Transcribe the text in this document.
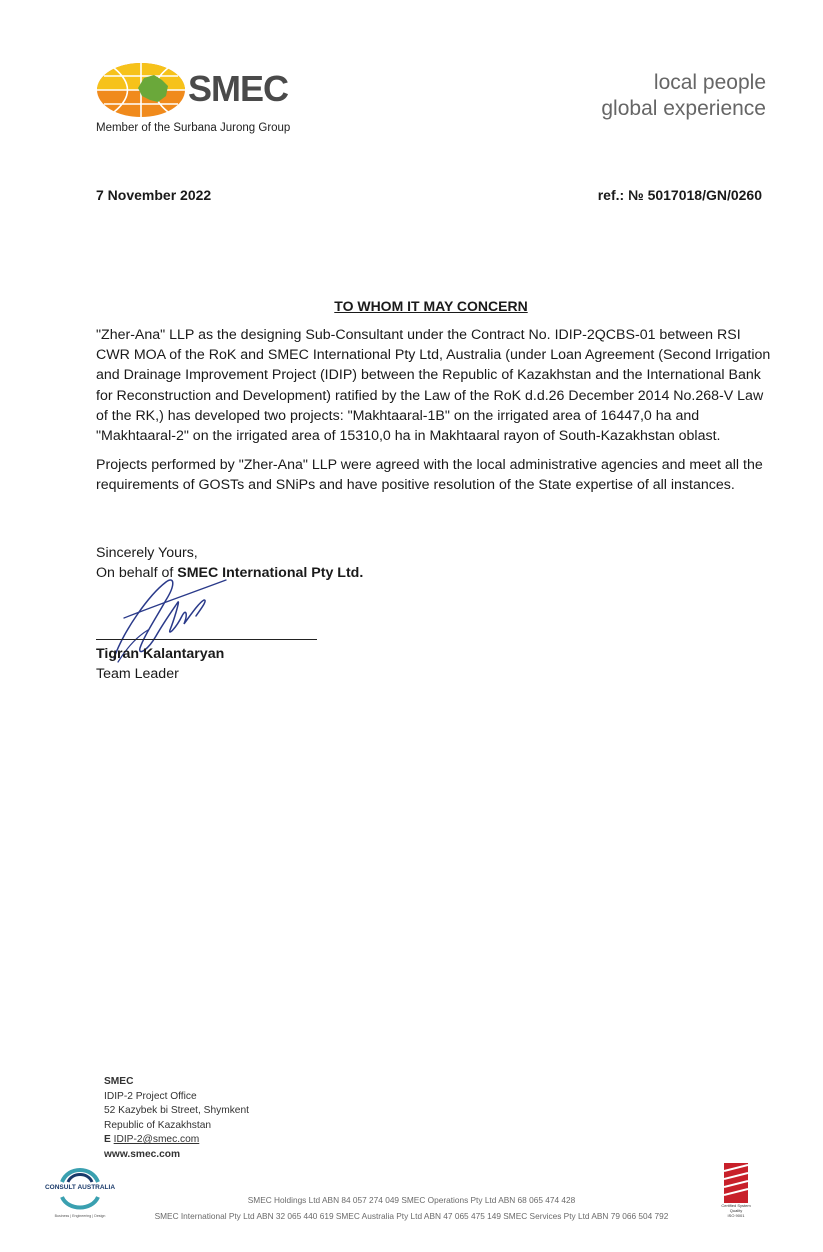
SMEC
Member of the Surbana Jurong Group
local people
global experience
7 November 2022	ref.: № 5017018/GN/0260
TO WHOM IT MAY CONCERN
"Zher-Ana" LLP as the designing Sub-Consultant under the Contract No. IDIP-2QCBS-01 between RSI CWR MOA of the RoK and SMEC International Pty Ltd, Australia (under Loan Agreement (Second Irrigation and Drainage Improvement Project (IDIP) between the Republic of Kazakhstan and the International Bank for Reconstruction and Development) ratified by the Law of the RoK d.d.26 December 2014 No.268-V Law of the RK,) has developed two projects: "Makhtaaral-1B" on the irrigated area of 16447,0 ha and "Makhtaaral-2" on the irrigated area of 15310,0 ha in Makhtaaral rayon of South-Kazakhstan oblast.
Projects performed by "Zher-Ana" LLP were agreed with the local administrative agencies and meet all the requirements of GOSTs and SNiPs and have positive resolution of the State expertise of all instances.
Sincerely Yours,
On behalf of SMEC International Pty Ltd.
Tigran Kalantaryan
Team Leader
SMEC
IDIP-2 Project Office
52 Kazybek bi Street, Shymkent
Republic of Kazakhstan
E IDIP-2@smec.com
www.smec.com
CONSULT AUSTRALIA
Business | Engineering | Design
SMEC Holdings Ltd ABN 84 057 274 049 SMEC Operations Pty Ltd ABN 68 065 474 428
SMEC International Pty Ltd ABN 32 065 440 619 SMEC Australia Pty Ltd ABN 47 065 475 149 SMEC Services Pty Ltd ABN 79 066 504 792
Certified System
Quality
ISO 9001
